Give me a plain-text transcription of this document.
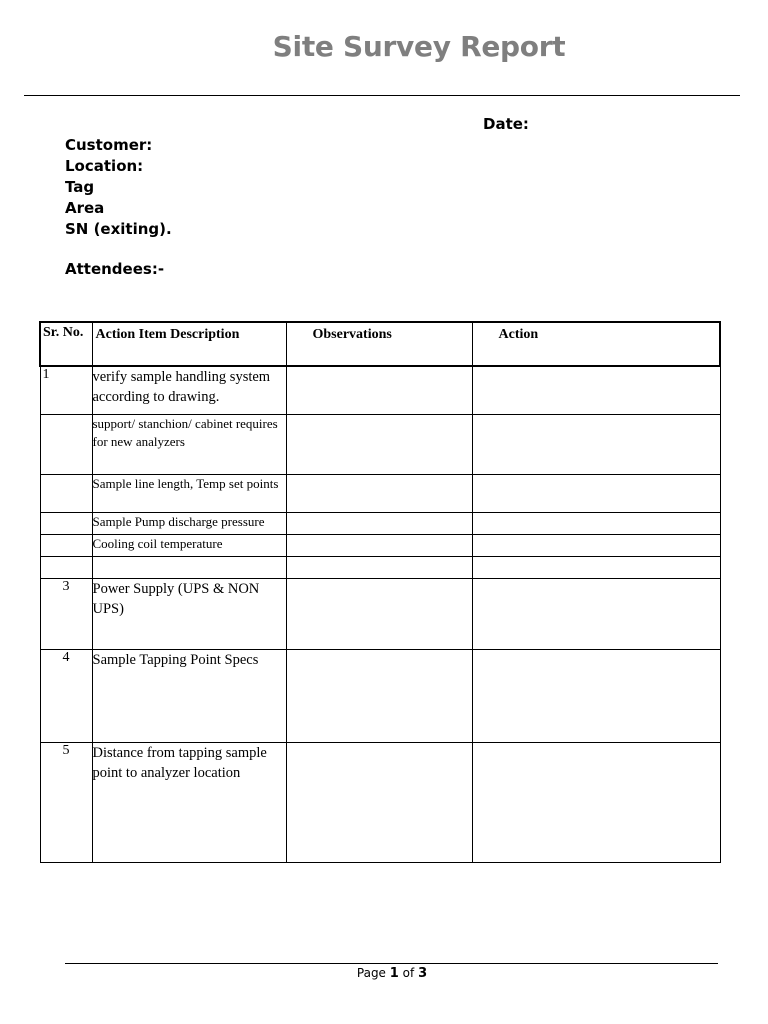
Site Survey Report
Date:
Customer:
Location:
Tag
Area
SN (exiting).
Attendees:-
Sr. No.	Action Item Description	Observations	Action
1	verify sample handling system according to drawing.		
	support/ stanchion/ cabinet requires for new analyzers		
	Sample line length, Temp set points		
	Sample Pump discharge pressure		
	Cooling coil temperature		

3	Power Supply (UPS & NON UPS)		
4	Sample Tapping Point Specs		
5	Distance from tapping sample point to analyzer location		
Page 1 of 3
